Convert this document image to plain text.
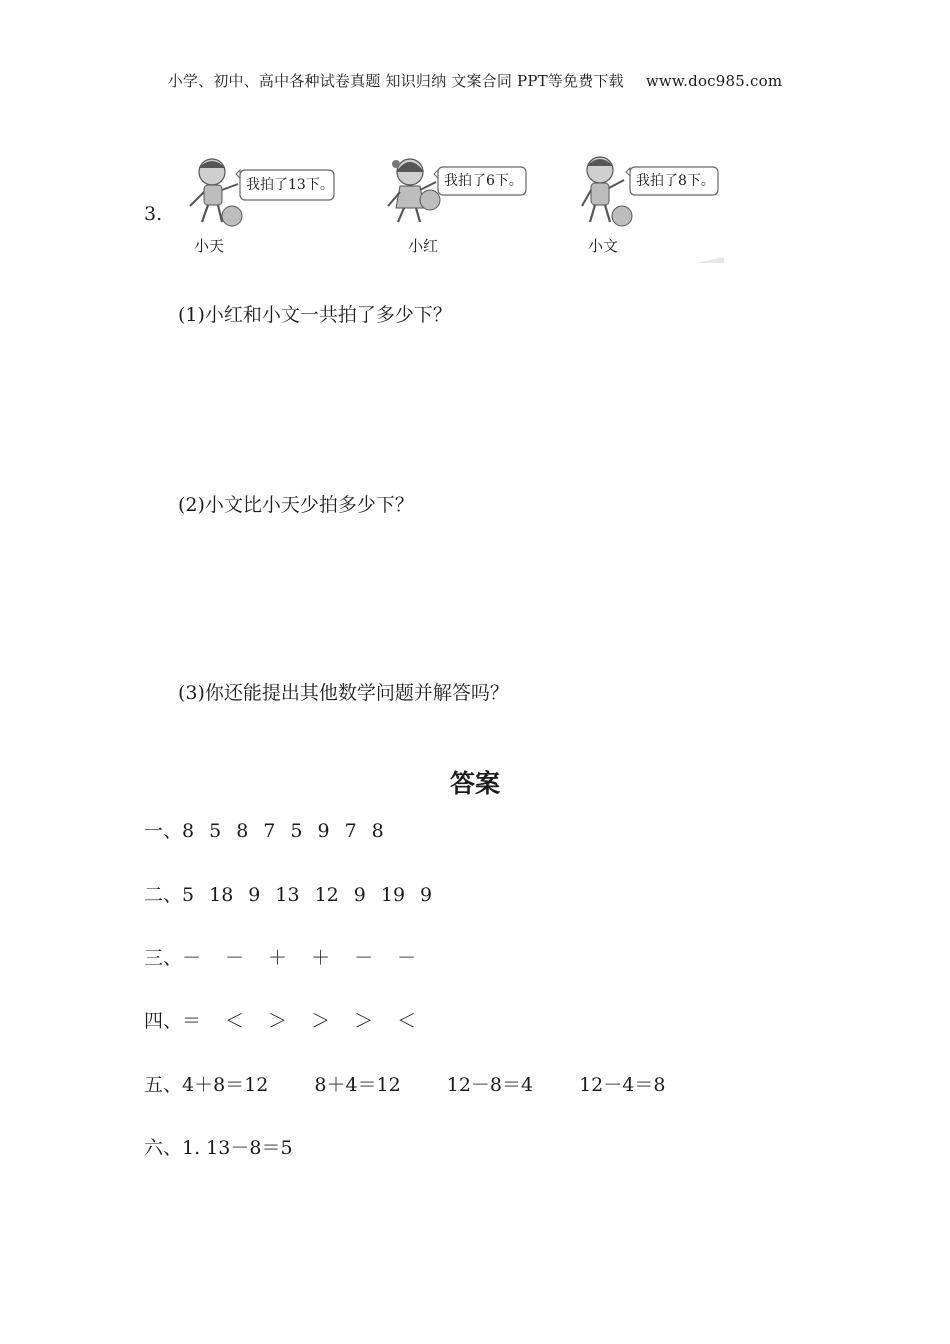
小学、初中、高中各种试卷真题 知识归纳 文案合同 PPT等免费下载 www.doc985.com
3.
我拍了13下。
小天
我拍了6下。
小红
我拍了8下。
小文
(1)小红和小文一共拍了多少下？
(2)小文比小天少拍多少下？
(3)你还能提出其他数学问题并解答吗？
答案
一、8 5 8 7 5 9 7 8
二、5 18 9 13 12 9 19 9
三、－ － ＋ ＋ － －
四、＝ ＜ ＞ ＞ ＞ ＜
五、4＋8＝12 8＋4＝12 12－8＝4 12－4＝8
六、1. 13－8＝5
